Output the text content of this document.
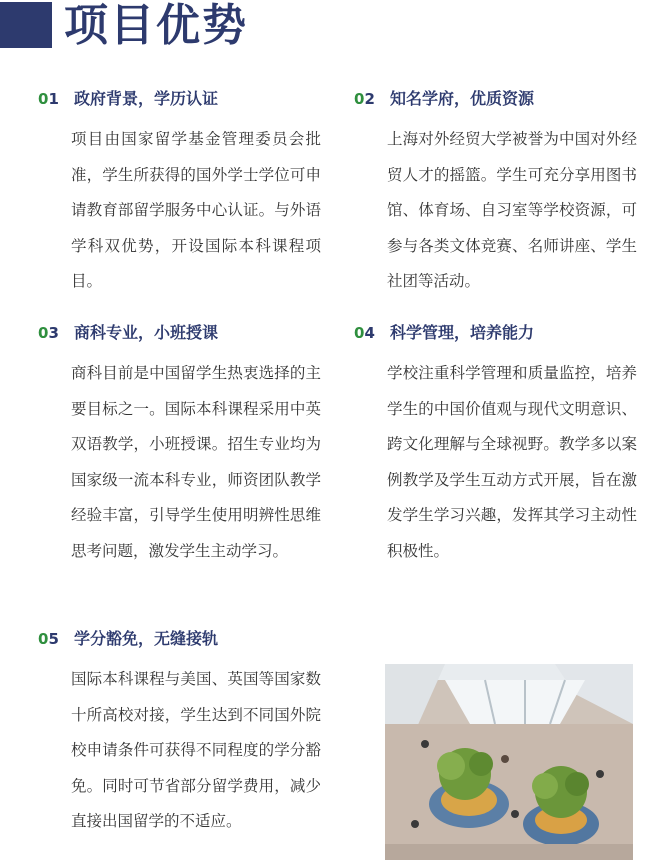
项目优势
01 政府背景，学历认证
项目由国家留学基金管理委员会批准，学生所获得的国外学士学位可申请教育部留学服务中心认证。与外语学科双优势，开设国际本科课程项目。
02 知名学府，优质资源
上海对外经贸大学被誉为中国对外经贸人才的摇篮。学生可充分享用图书馆、体育场、自习室等学校资源，可参与各类文体竞赛、名师讲座、学生社团等活动。
03 商科专业，小班授课
商科目前是中国留学生热衷选择的主要目标之一。国际本科课程采用中英双语教学，小班授课。招生专业均为国家级一流本科专业，师资团队教学经验丰富，引导学生使用明辨性思维思考问题，激发学生主动学习。
04 科学管理，培养能力
学校注重科学管理和质量监控，培养学生的中国价值观与现代文明意识、跨文化理解与全球视野。教学多以案例教学及学生互动方式开展，旨在激发学生学习兴趣，发挥其学习主动性积极性。
05 学分豁免，无缝接轨
国际本科课程与美国、英国等国家数十所高校对接，学生达到不同国外院校申请条件可获得不同程度的学分豁免。同时可节省部分留学费用，减少直接出国留学的不适应。
